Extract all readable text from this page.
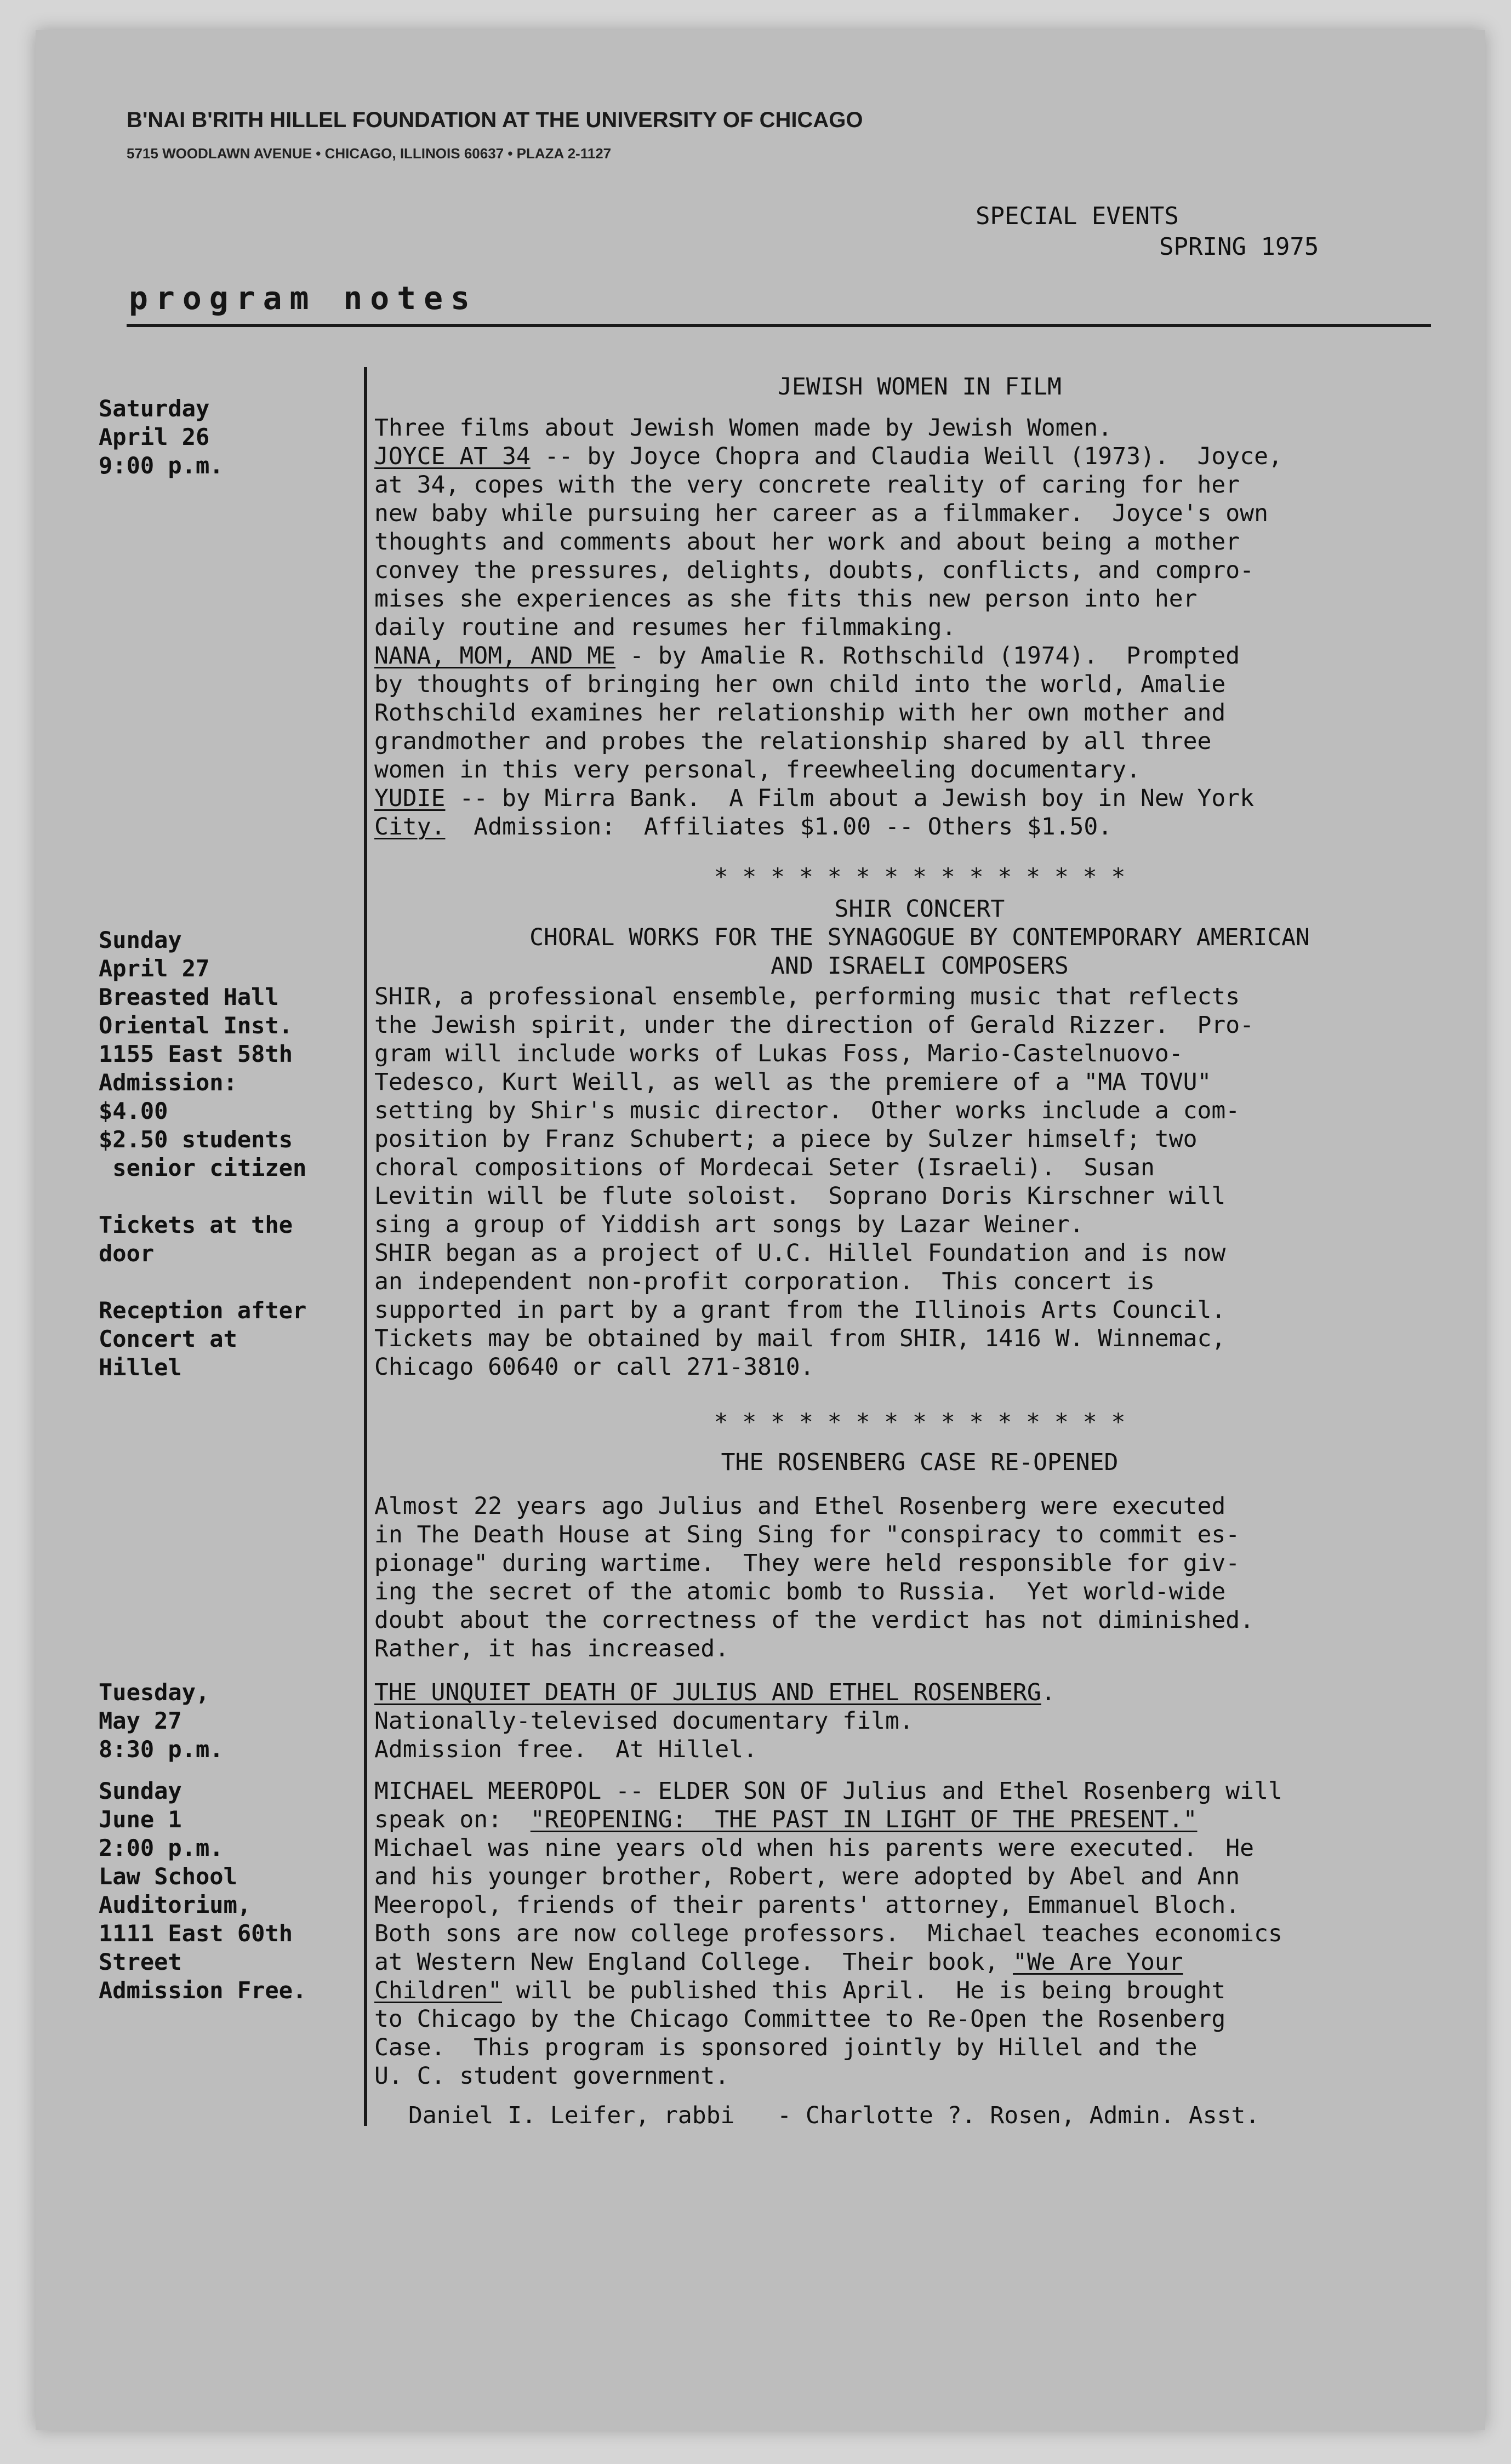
B'NAI B'RITH HILLEL FOUNDATION AT THE UNIVERSITY OF CHICAGO
5715 WOODLAWN AVENUE • CHICAGO, ILLINOIS 60637 • PLAZA 2-1127
SPECIAL EVENTS
SPRING 1975
program notes
JEWISH WOMEN IN FILM
Saturday
April 26
9:00 p.m.
Three films about Jewish Women made by Jewish Women.
JOYCE AT 34 -- by Joyce Chopra and Claudia Weill (1973).  Joyce,
at 34, copes with the very concrete reality of caring for her
new baby while pursuing her career as a filmmaker.  Joyce's own
thoughts and comments about her work and about being a mother
convey the pressures, delights, doubts, conflicts, and compro-
mises she experiences as she fits this new person into her
daily routine and resumes her filmmaking.
NANA, MOM, AND ME - by Amalie R. Rothschild (1974).  Prompted
by thoughts of bringing her own child into the world, Amalie
Rothschild examines her relationship with her own mother and
grandmother and probes the relationship shared by all three
women in this very personal, freewheeling documentary.
YUDIE -- by Mirra Bank.  A Film about a Jewish boy in New York
City.  Admission:  Affiliates $1.00 -- Others $1.50.
* * * * * * * * * * * * * * *
SHIR CONCERT
CHORAL WORKS FOR THE SYNAGOGUE BY CONTEMPORARY AMERICAN
AND ISRAELI COMPOSERS
Sunday
April 27
Breasted Hall
Oriental Inst.
1155 East 58th
Admission:
$4.00
$2.50 students
senior citizen

Tickets at the
door

Reception after
Concert at
Hillel
SHIR, a professional ensemble, performing music that reflects
the Jewish spirit, under the direction of Gerald Rizzer.  Pro-
gram will include works of Lukas Foss, Mario-Castelnuovo-
Tedesco, Kurt Weill, as well as the premiere of a "MA TOVU"
setting by Shir's music director.  Other works include a com-
position by Franz Schubert; a piece by Sulzer himself; two
choral compositions of Mordecai Seter (Israeli).  Susan
Levitin will be flute soloist.  Soprano Doris Kirschner will
sing a group of Yiddish art songs by Lazar Weiner.
SHIR began as a project of U.C. Hillel Foundation and is now
an independent non-profit corporation.  This concert is
supported in part by a grant from the Illinois Arts Council.
Tickets may be obtained by mail from SHIR, 1416 W. Winnemac,
Chicago 60640 or call 271-3810.
* * * * * * * * * * * * * * *
THE ROSENBERG CASE RE-OPENED
Almost 22 years ago Julius and Ethel Rosenberg were executed
in The Death House at Sing Sing for "conspiracy to commit es-
pionage" during wartime.  They were held responsible for giv-
ing the secret of the atomic bomb to Russia.  Yet world-wide
doubt about the correctness of the verdict has not diminished.
Rather, it has increased.
Tuesday,
May 27
8:30 p.m.
THE UNQUIET DEATH OF JULIUS AND ETHEL ROSENBERG.
Nationally-televised documentary film.
Admission free.  At Hillel.
Sunday
June 1
2:00 p.m.
Law School
Auditorium,
1111 East 60th
Street
Admission Free.
MICHAEL MEEROPOL -- ELDER SON OF Julius and Ethel Rosenberg will
speak on:  "REOPENING:  THE PAST IN LIGHT OF THE PRESENT."
Michael was nine years old when his parents were executed.  He
and his younger brother, Robert, were adopted by Abel and Ann
Meeropol, friends of their parents' attorney, Emmanuel Bloch.
Both sons are now college professors.  Michael teaches economics
at Western New England College.  Their book, "We Are Your
Children" will be published this April.  He is being brought
to Chicago by the Chicago Committee to Re-Open the Rosenberg
Case.  This program is sponsored jointly by Hillel and the
U. C. student government.
Daniel I. Leifer, rabbi   - Charlotte ?. Rosen, Admin. Asst.
